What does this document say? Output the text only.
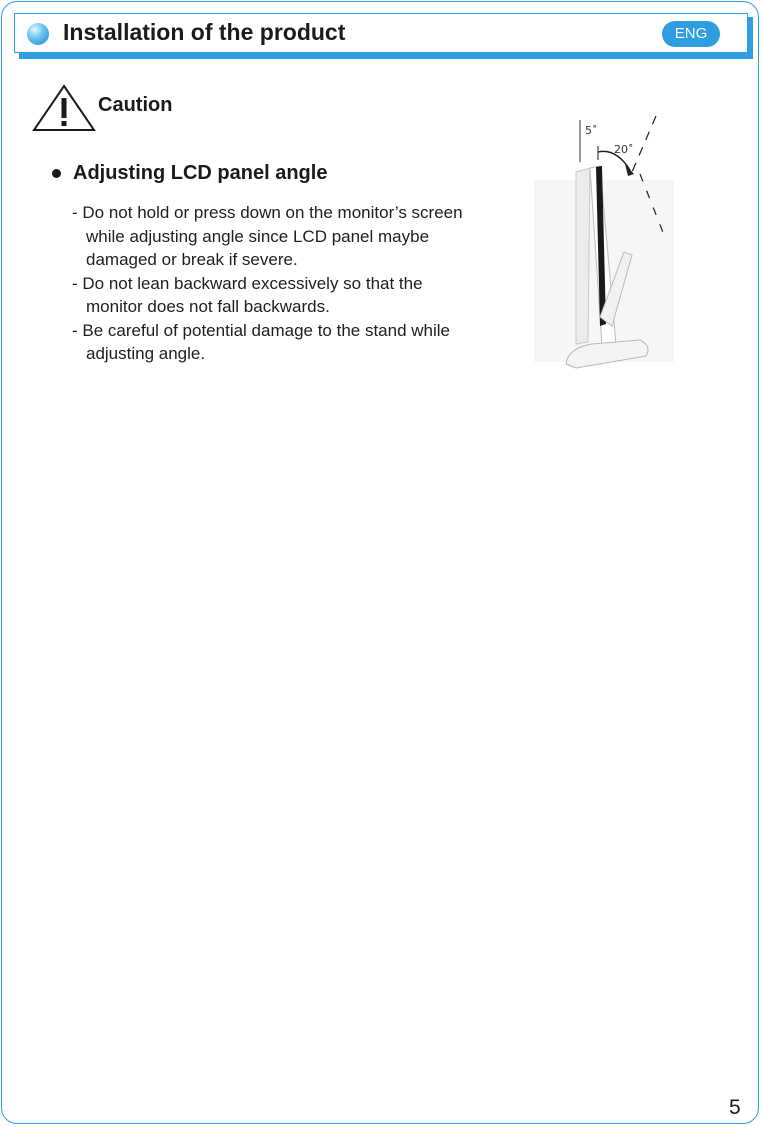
Installation of the product	ENG
Caution
Adjusting LCD panel angle
- Do not hold or press down on the monitor’s screen while adjusting angle since LCD panel maybe damaged or break if severe.
- Do not lean backward excessively so that the monitor does not fall backwards.
- Be careful of potential damage to the stand while adjusting angle.
5˚
20˚
5
